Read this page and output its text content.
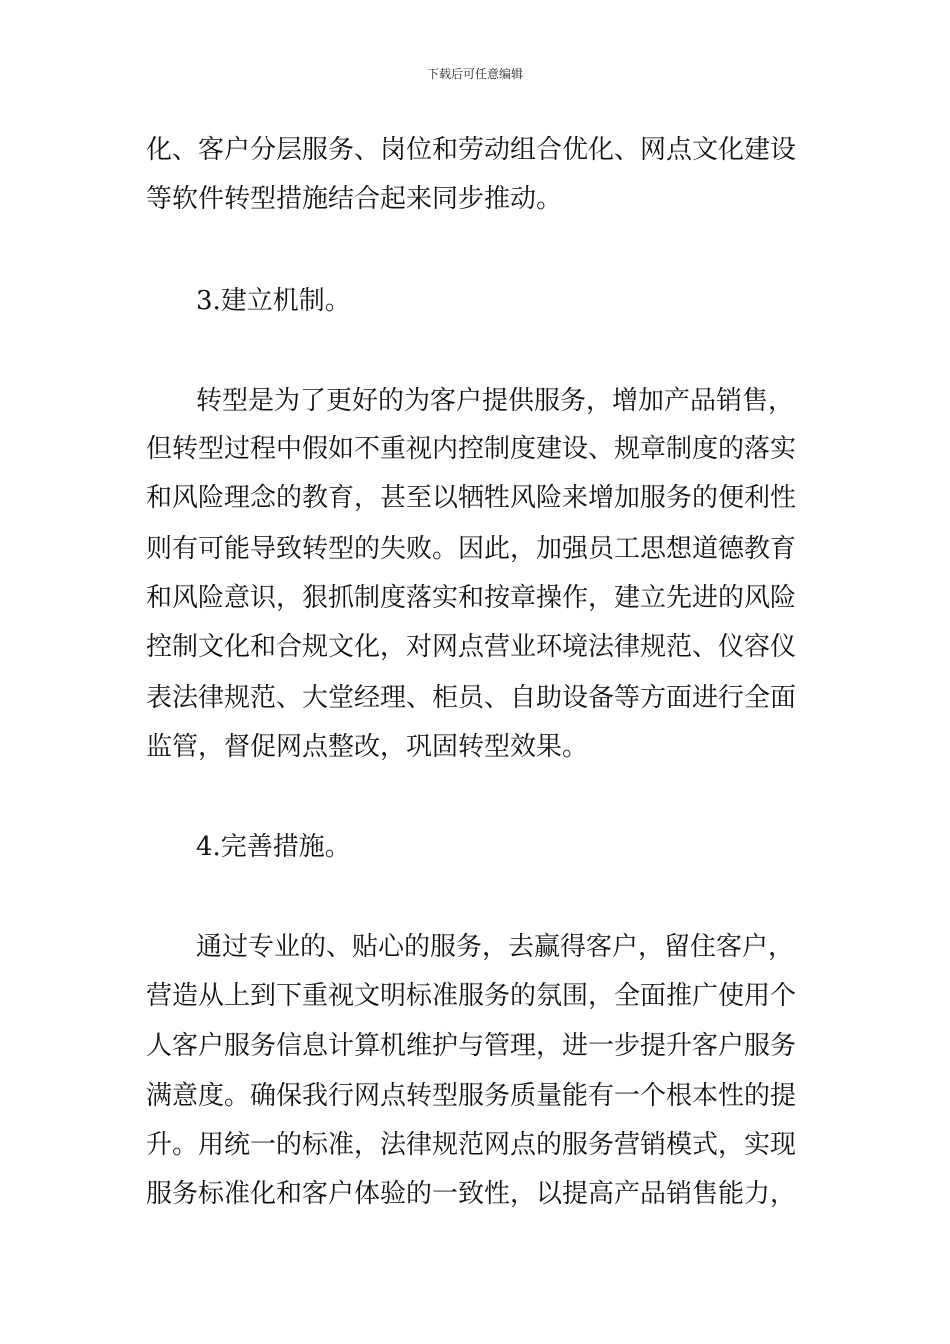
下载后可任意编辑
化、客户分层服务、岗位和劳动组合优化、网点文化建设
等软件转型措施结合起来同步推动。
3.建立机制。
转型是为了更好的为客户提供服务，增加产品销售，
但转型过程中假如不重视内控制度建设、规章制度的落实
和风险理念的教育，甚至以牺牲风险来增加服务的便利性
则有可能导致转型的失败。因此，加强员工思想道德教育
和风险意识，狠抓制度落实和按章操作，建立先进的风险
控制文化和合规文化，对网点营业环境法律规范、仪容仪
表法律规范、大堂经理、柜员、自助设备等方面进行全面
监管，督促网点整改，巩固转型效果。
4.完善措施。
通过专业的、贴心的服务，去赢得客户，留住客户，
营造从上到下重视文明标准服务的氛围，全面推广使用个
人客户服务信息计算机维护与管理，进一步提升客户服务
满意度。确保我行网点转型服务质量能有一个根本性的提
升。用统一的标准，法律规范网点的服务营销模式，实现
服务标准化和客户体验的一致性，以提高产品销售能力，
